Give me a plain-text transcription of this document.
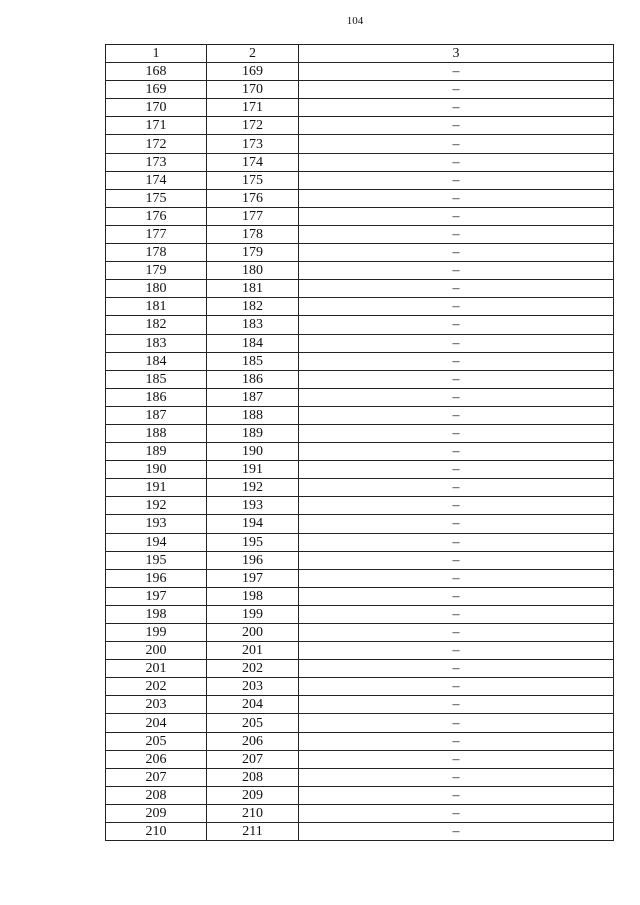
104
1	2	3
168	169	–
169	170	–
170	171	–
171	172	–
172	173	–
173	174	–
174	175	–
175	176	–
176	177	–
177	178	–
178	179	–
179	180	–
180	181	–
181	182	–
182	183	–
183	184	–
184	185	–
185	186	–
186	187	–
187	188	–
188	189	–
189	190	–
190	191	–
191	192	–
192	193	–
193	194	–
194	195	–
195	196	–
196	197	–
197	198	–
198	199	–
199	200	–
200	201	–
201	202	–
202	203	–
203	204	–
204	205	–
205	206	–
206	207	–
207	208	–
208	209	–
209	210	–
210	211	–
